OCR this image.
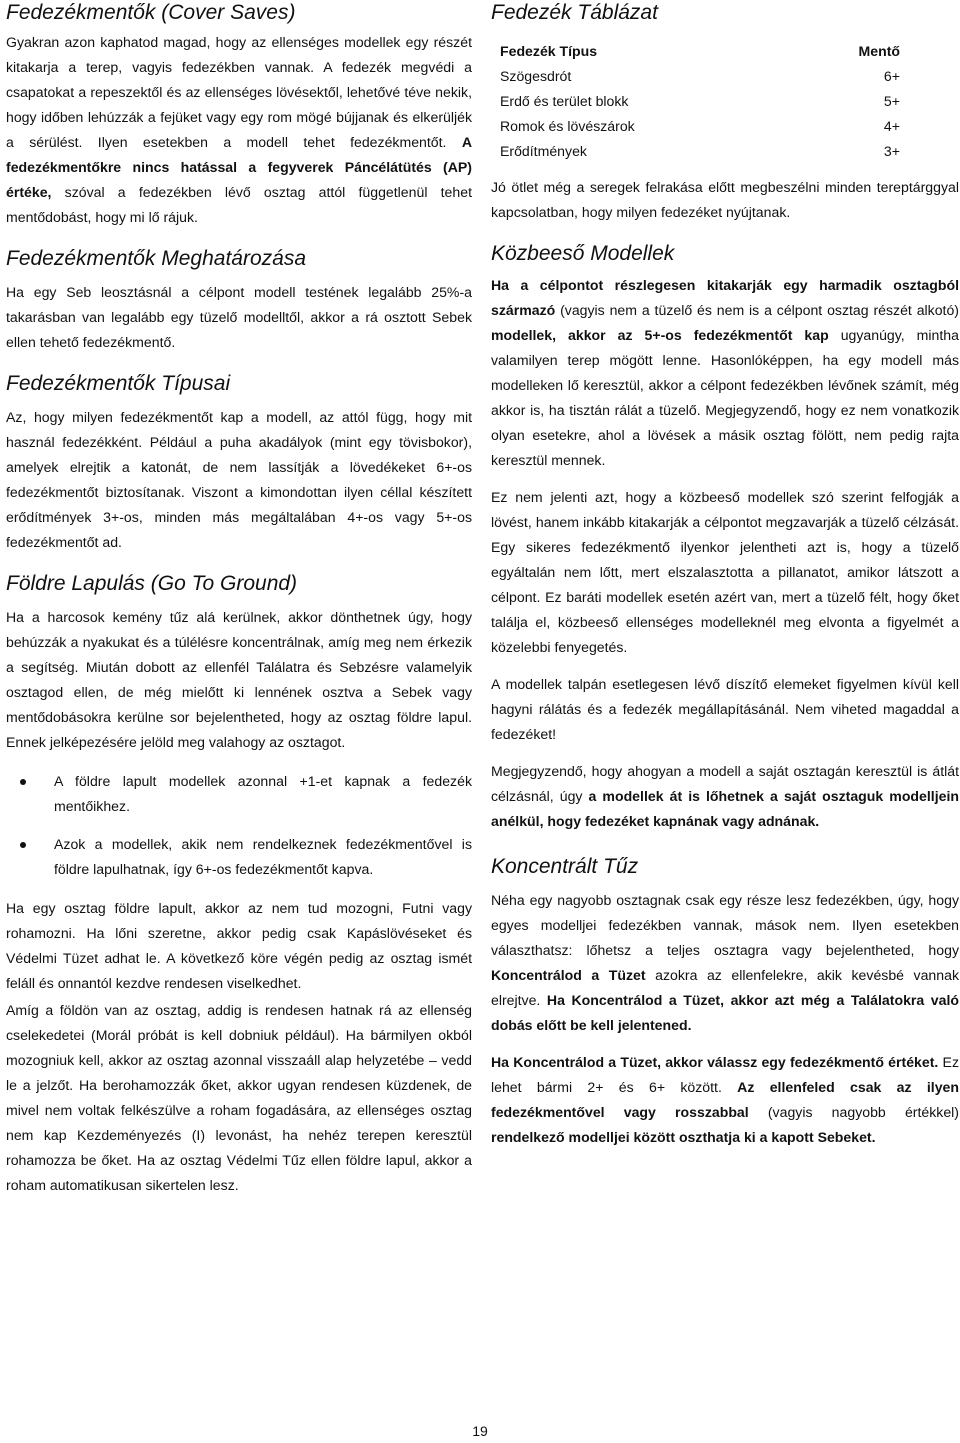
Fedezékmentők (Cover Saves)

Gyakran azon kaphatod magad, hogy az ellenséges modellek egy részét kitakarja a terep, vagyis fedezékben vannak. A fedezék megvédi a csapatokat a repeszektől és az ellenséges lövésektől, lehetővé téve nekik, hogy időben lehúzzák a fejüket vagy egy rom mögé bújjanak és elkerüljék a sérülést. Ilyen esetekben a modell tehet fedezékmentőt. A fedezékmentőkre nincs hatással a fegyverek Páncélátütés (AP) értéke, szóval a fedezékben lévő osztag attól függetlenül tehet mentődobást, hogy mi lő rájuk.

Fedezékmentők Meghatározása

Ha egy Seb leosztásnál a célpont modell testének legalább 25%-a takarásban van legalább egy tüzelő modelltől, akkor a rá osztott Sebek ellen tehető fedezékmentő.

Fedezékmentők Típusai

Az, hogy milyen fedezékmentőt kap a modell, az attól függ, hogy mit használ fedezékként. Például a puha akadályok (mint egy tövisbokor), amelyek elrejtik a katonát, de nem lassítják a lövedékeket 6+-os fedezékmentőt biztosítanak. Viszont a kimondottan ilyen céllal készített erődítmények 3+-os, minden más megáltalában 4+-os vagy 5+-os fedezékmentőt ad.

Földre Lapulás (Go To Ground)

Ha a harcosok kemény tűz alá kerülnek, akkor dönthetnek úgy, hogy behúzzák a nyakukat és a túlélésre koncentrálnak, amíg meg nem érkezik a segítség. Miután dobott az ellenfél Találatra és Sebzésre valamelyik osztagod ellen, de még mielőtt ki lennének osztva a Sebek vagy mentődobásokra kerülne sor bejelentheted, hogy az osztag földre lapul. Ennek jelképezésére jelöld meg valahogy az osztagot.

A földre lapult modellek azonnal +1-et kapnak a fedezék mentőikhez.
Azok a modellek, akik nem rendelkeznek fedezékmentővel is földre lapulhatnak, így 6+-os fedezékmentőt kapva.

Ha egy osztag földre lapult, akkor az nem tud mozogni, Futni vagy rohamozni. Ha lőni szeretne, akkor pedig csak Kapáslövéseket és Védelmi Tüzet adhat le. A következő köre végén pedig az osztag ismét feláll és onnantól kezdve rendesen viselkedhet.

Amíg a földön van az osztag, addig is rendesen hatnak rá az ellenség cselekedetei (Morál próbát is kell dobniuk például). Ha bármilyen okból mozogniuk kell, akkor az osztag azonnal visszaáll alap helyzetébe – vedd le a jelzőt. Ha berohamozzák őket, akkor ugyan rendesen küzdenek, de mivel nem voltak felkészülve a roham fogadására, az ellenséges osztag nem kap Kezdeményezés (I) levonást, ha nehéz terepen keresztül rohamozza be őket. Ha az osztag Védelmi Tűz ellen földre lapul, akkor a roham automatikusan sikertelen lesz.

Fedezék Táblázat
Fedezék Típus	Mentő
Szögesdrót	6+
Erdő és terület blokk	5+
Romok és lövészárok	4+
Erődítmények	3+

Jó ötlet még a seregek felrakása előtt megbeszélni minden tereptárggyal kapcsolatban, hogy milyen fedezéket nyújtanak.

Közbeeső Modellek

Ha a célpontot részlegesen kitakarják egy harmadik osztagból származó (vagyis nem a tüzelő és nem is a célpont osztag részét alkotó) modellek, akkor az 5+-os fedezékmentőt kap ugyanúgy, mintha valamilyen terep mögött lenne. Hasonlóképpen, ha egy modell más modelleken lő keresztül, akkor a célpont fedezékben lévőnek számít, még akkor is, ha tisztán rálát a tüzelő. Megjegyzendő, hogy ez nem vonatkozik olyan esetekre, ahol a lövések a másik osztag fölött, nem pedig rajta keresztül mennek.

Ez nem jelenti azt, hogy a közbeeső modellek szó szerint felfogják a lövést, hanem inkább kitakarják a célpontot megzavarják a tüzelő célzását. Egy sikeres fedezékmentő ilyenkor jelentheti azt is, hogy a tüzelő egyáltalán nem lőtt, mert elszalasztotta a pillanatot, amikor látszott a célpont. Ez baráti modellek esetén azért van, mert a tüzelő félt, hogy őket találja el, közbeeső ellenséges modelleknél meg elvonta a figyelmét a közelebbi fenyegetés.

A modellek talpán esetlegesen lévő díszítő elemeket figyelmen kívül kell hagyni rálátás és a fedezék megállapításánál. Nem viheted magaddal a fedezéket!

Megjegyzendő, hogy ahogyan a modell a saját osztagán keresztül is átlát célzásnál, úgy a modellek át is lőhetnek a saját osztaguk modelljein anélkül, hogy fedezéket kapnának vagy adnának.

Koncentrált Tűz

Néha egy nagyobb osztagnak csak egy része lesz fedezékben, úgy, hogy egyes modelljei fedezékben vannak, mások nem. Ilyen esetekben választhatsz: lőhetsz a teljes osztagra vagy bejelentheted, hogy Koncentrálod a Tüzet azokra az ellenfelekre, akik kevésbé vannak elrejtve. Ha Koncentrálod a Tüzet, akkor azt még a Találatokra való dobás előtt be kell jelentened.

Ha Koncentrálod a Tüzet, akkor válassz egy fedezékmentő értéket. Ez lehet bármi 2+ és 6+ között. Az ellenfeled csak az ilyen fedezékmentővel vagy rosszabbal (vagyis nagyobb értékkel) rendelkező modelljei között oszthatja ki a kapott Sebeket.

19
